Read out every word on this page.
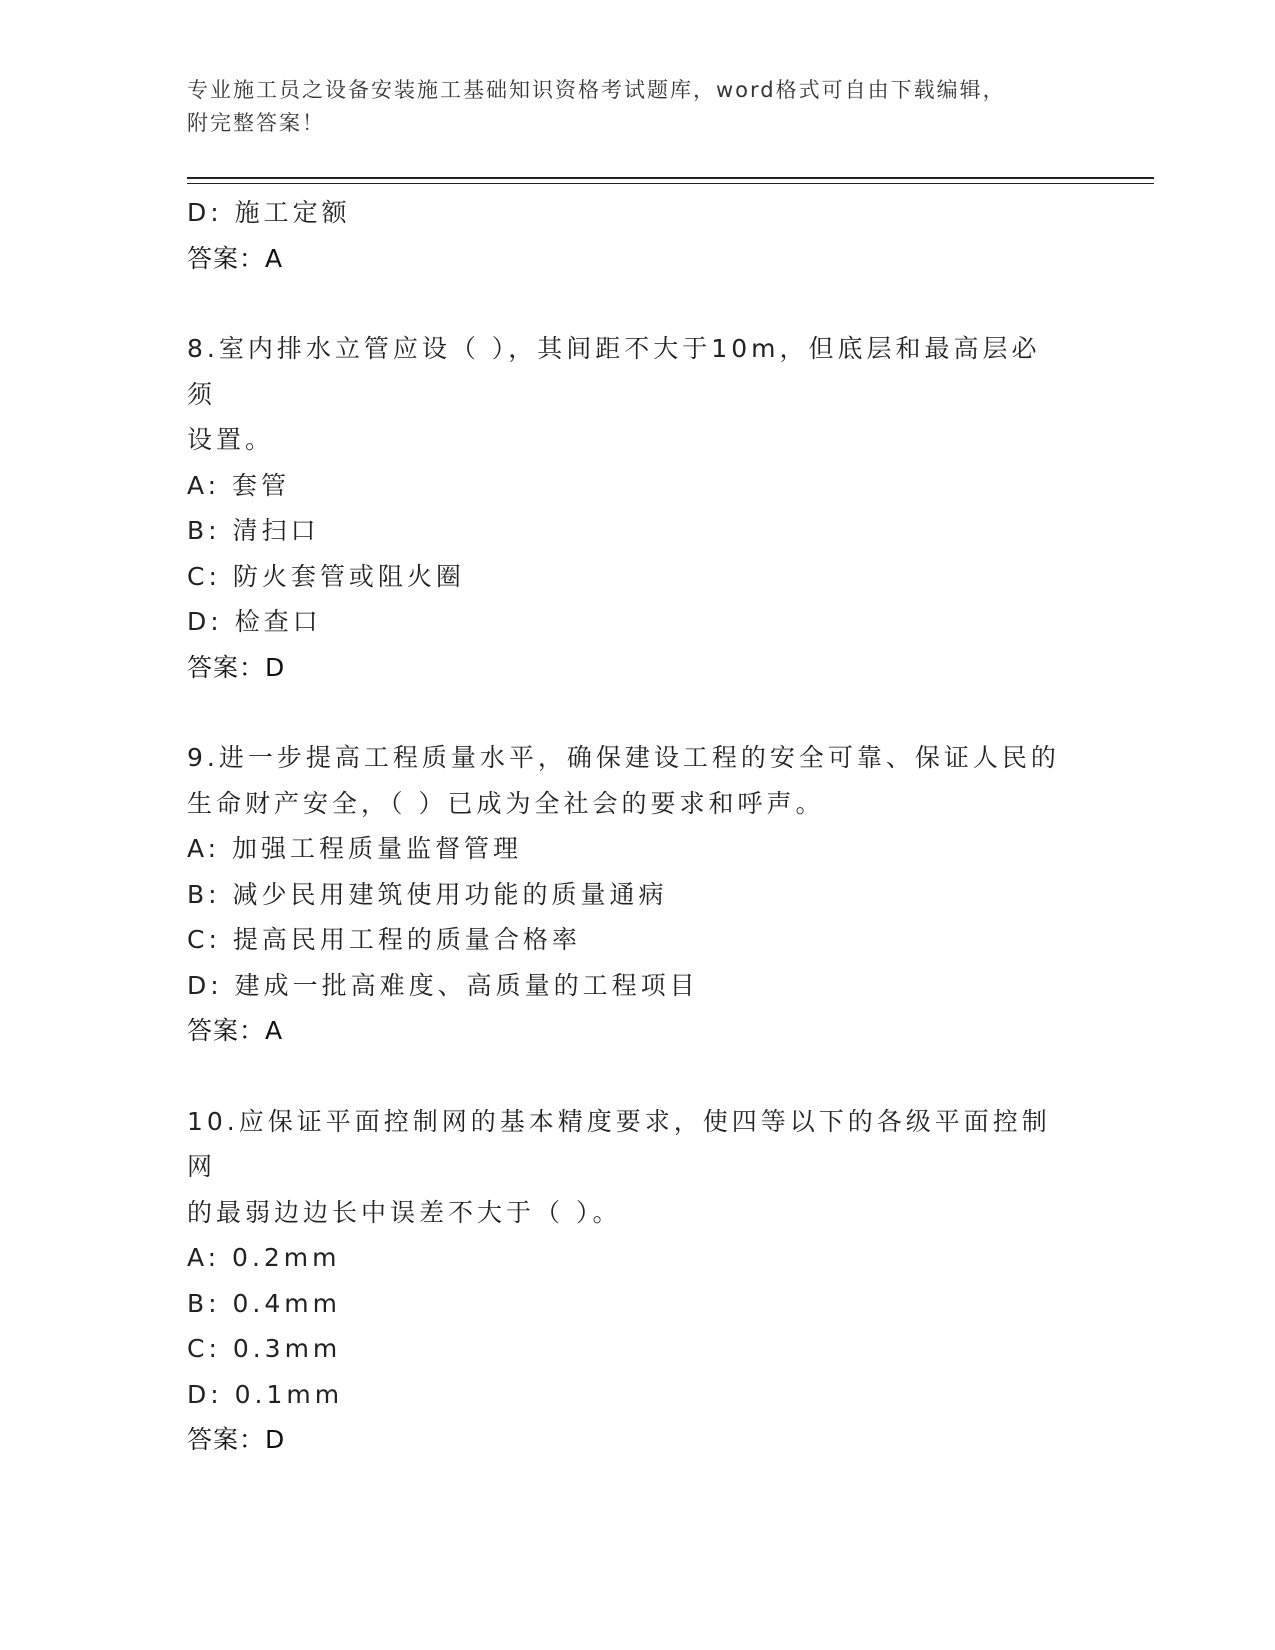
专业施工员之设备安装施工基础知识资格考试题库，word格式可自由下载编辑，
附完整答案！

D: 施工定额

答案：A

8.室内排水立管应设（ ），其间距不大于10m，但底层和最高层必须

设置。

A: 套管

B: 清扫口

C: 防火套管或阻火圈

D: 检查口

答案：D

9.进一步提高工程质量水平，确保建设工程的安全可靠、保证人民的

生命财产安全，（ ）已成为全社会的要求和呼声。

A: 加强工程质量监督管理

B: 减少民用建筑使用功能的质量通病

C: 提高民用工程的质量合格率

D: 建成一批高难度、高质量的工程项目

答案：A

10.应保证平面控制网的基本精度要求，使四等以下的各级平面控制网

的最弱边边长中误差不大于（ ）。

A: 0.2mm

B: 0.4mm

C: 0.3mm

D: 0.1mm

答案：D
